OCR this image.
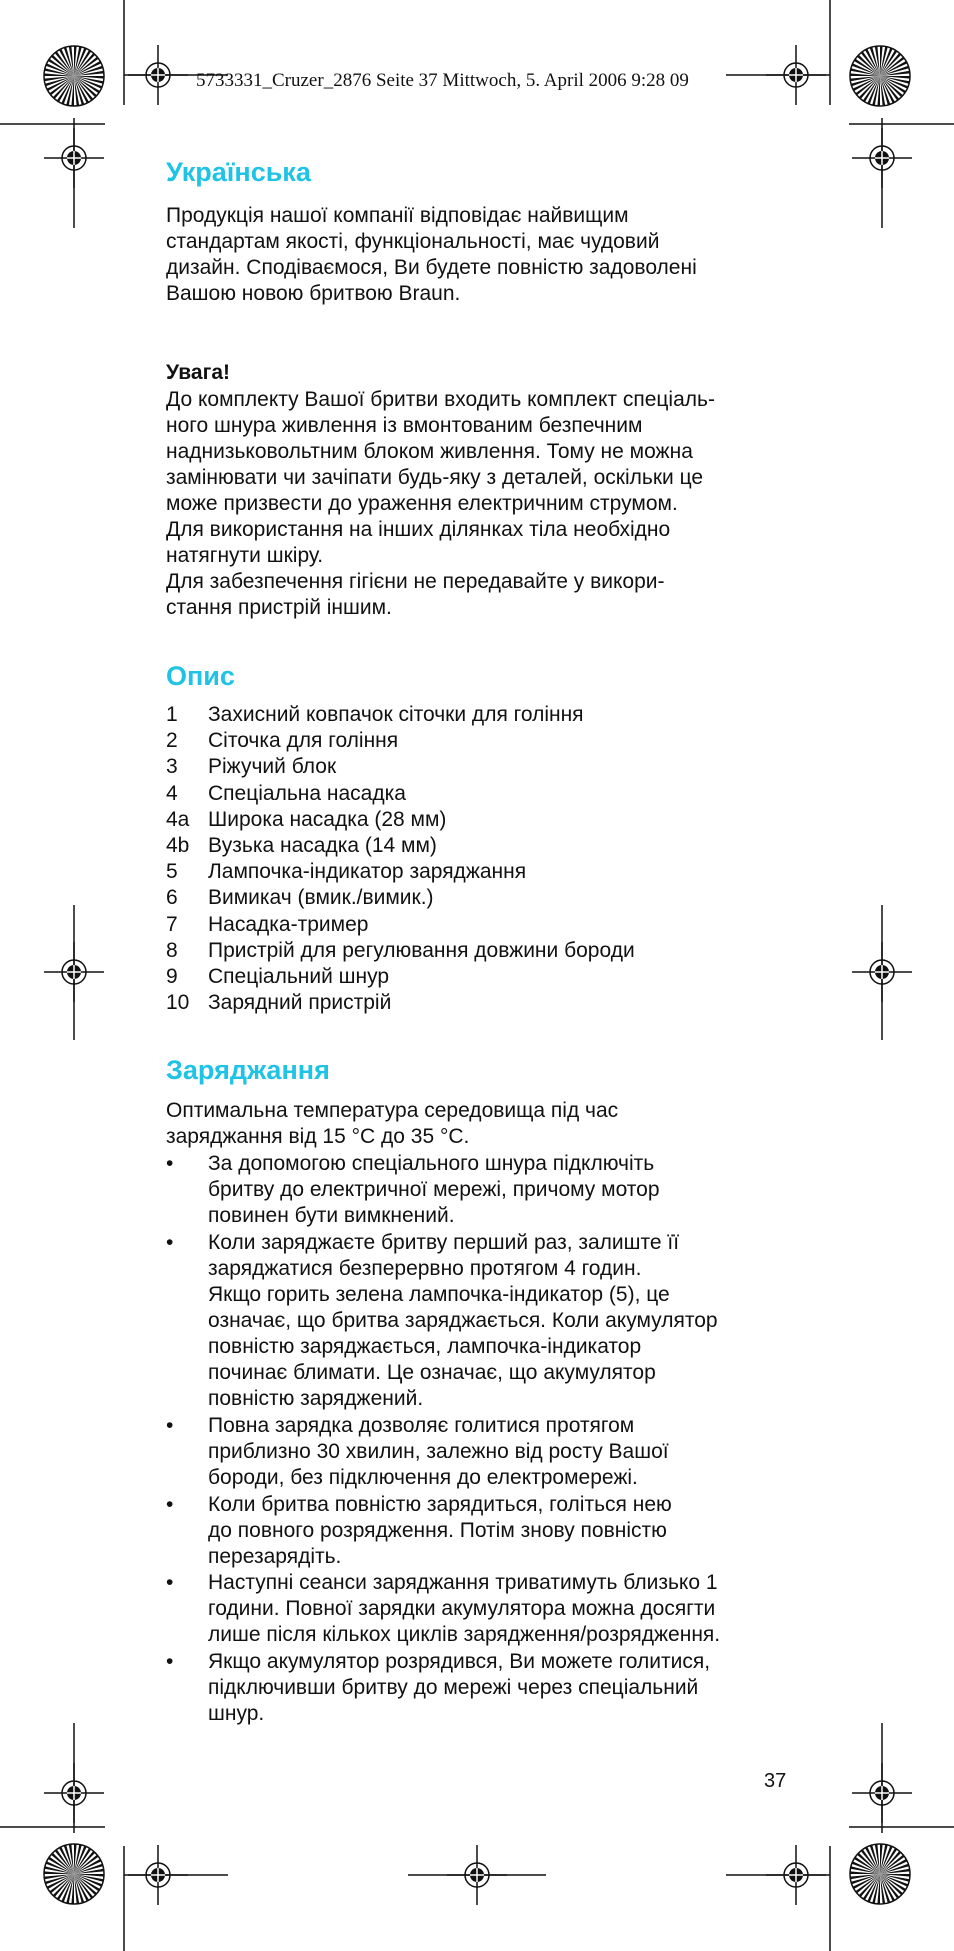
5733331_Cruzer_2876 Seite 37 Mittwoch, 5. April 2006 9:28 09
Українська

Продукція нашої компанії відповідає найвищим
стандартам якості, функціональності, має чудовий
дизайн. Сподіваємося, Ви будете повністю задоволені
Вашою новою бритвою Braun.

Увага!

До комплекту Вашої бритви входить комплект спеціаль-
ного шнура живлення із вмонтованим безпечним
наднизьковольтним блоком живлення. Тому не можна
замінювати чи зачіпати будь-яку з деталей, оскільки це
може призвести до ураження електричним струмом.
Для використання на інших ділянках тіла необхідно
натягнути шкіру.
Для забезпечення гігієни не передавайте у викори-
стання пристрій іншим.

Опис
1	Захисний ковпачок сіточки для гоління
2	Сіточка для гоління
3	Ріжучий блок
4	Спеціальна насадка
4a Широка насадка (28 мм)
4b Вузька насадка (14 мм)
5	Лампочка-індикатор заряджання
6	Вимикач (вмик./вимик.)
7	Насадка-тример
8	Пристрій для регулювання довжини бороди
9	Спеціальний шнур
10 Зарядний пристрій
Заряджання

Оптимальна температура середовища під час
заряджання від 15 °C до 35 °C.

• За допомогою спеціального шнура підключіть
бритву до електричної мережі, причому мотор
повинен бути вимкнений.
• Коли заряджаєте бритву перший раз, залиште її
заряджатися безперервно протягом 4 годин.
Якщо горить зелена лампочка-індикатор (5), це
означає, що бритва заряджається. Коли акумулятор
повністю заряджається, лампочка-індикатор
починає блимати. Це означає, що акумулятор
повністю заряджений.
• Повна зарядка дозволяє голитися протягом
приблизно 30 хвилин, залежно від росту Вашої
бороди, без підключення до електромережі.
• Коли бритва повністю зарядиться, голіться нею
до повного розрядження. Потім знову повністю
перезарядіть.
• Наступні сеанси заряджання триватимуть близько 1
години. Повної зарядки акумулятора можна досягти
лише після кількох циклів зарядження/розрядження.
• Якщо акумулятор розрядився, Ви можете голитися,
підключивши бритву до мережі через спеціальний
шнур.
37
